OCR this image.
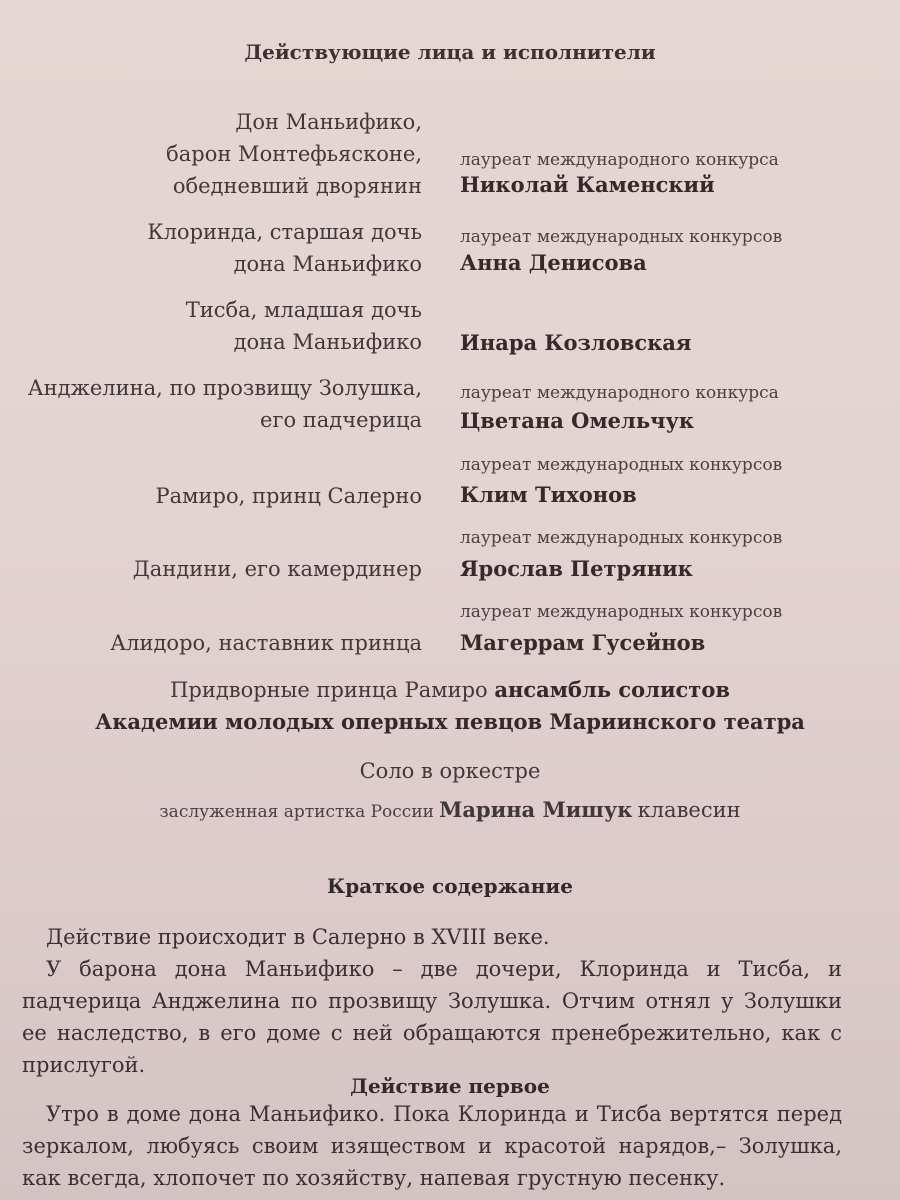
Действующие лица и исполнители
Дон Маньифико,
барон Монтефьясконе,
обедневший дворянин
лауреат международного конкурса
Николай Каменский
Клоринда, старшая дочь
дона Маньифико
лауреат международных конкурсов
Анна Денисова
Тисба, младшая дочь
дона Маньифико Инара Козловская
Анджелина, по прозвищу Золушка,
его падчерица
лауреат международного конкурса
Цветана Омельчук
лауреат международных конкурсов
Рамиро, принц Салерно Клим Тихонов
лауреат международных конкурсов
Дандини, его камердинер Ярослав Петряник
лауреат международных конкурсов
Алидоро, наставник принца Магеррам Гусейнов
Придворные принца Рамиро ансамбль солистов
Академии молодых оперных певцов Мариинского театра
Соло в оркестре
заслуженная артистка России Марина Мишук клавесин
Краткое содержание

Действие происходит в Салерно в XVIII веке.

У барона дона Маньифико – две дочери, Клоринда и Тисба, и падчерица Анджелина по прозвищу Золушка. Отчим отнял у Золушки ее наследство, в его доме с ней обращаются пренебрежительно, как с прислугой.

Действие первое

Утро в доме дона Маньифико. Пока Клоринда и Тисба вертятся перед зеркалом, любуясь своим изяществом и красотой нарядов,– Золушка, как всегда, хлопочет по хозяйству, напевая грустную песенку.
